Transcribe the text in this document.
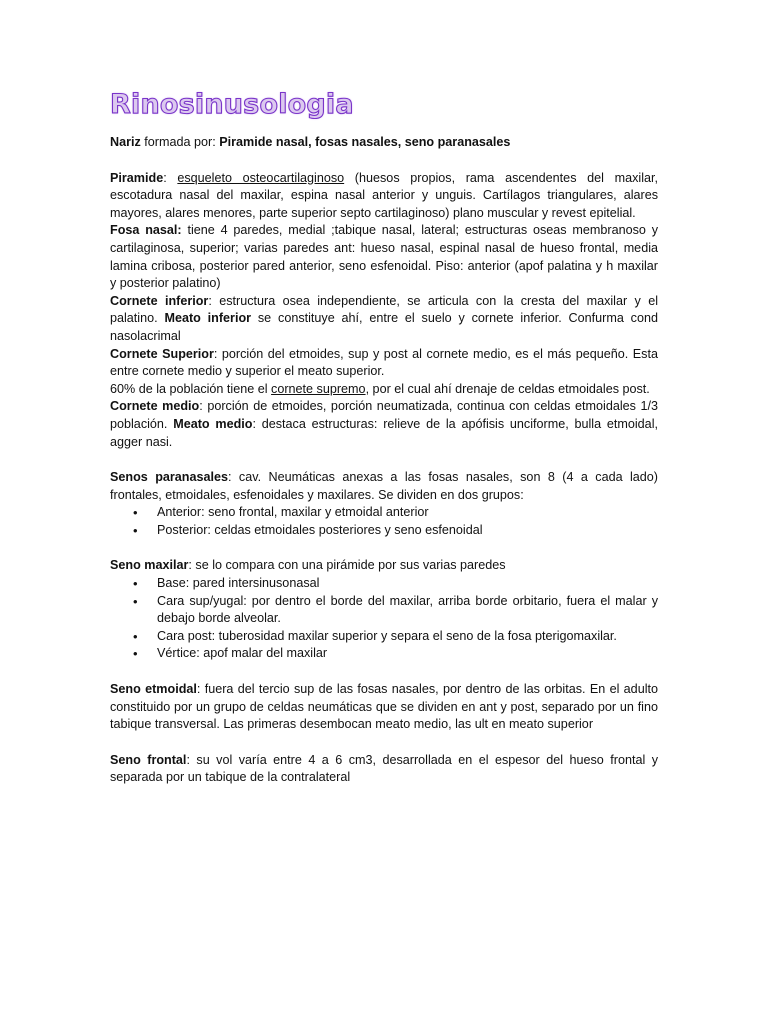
Rinosinusologia

Nariz formada por: Piramide nasal, fosas nasales, seno paranasales

Piramide: esqueleto osteocartilaginoso (huesos propios, rama ascendentes del maxilar, escotadura nasal del maxilar, espina nasal anterior y unguis. Cartílagos triangulares, alares mayores, alares menores, parte superior septo cartilaginoso) plano muscular y revest epitelial.

Fosa nasal: tiene 4 paredes, medial ;tabique nasal, lateral; estructuras oseas membranoso y cartilaginosa, superior; varias paredes ant: hueso nasal, espinal nasal de hueso frontal, media lamina cribosa, posterior pared anterior, seno esfenoidal. Piso: anterior (apof palatina y h maxilar y posterior palatino)

Cornete inferior: estructura osea independiente, se articula con la cresta del maxilar y el palatino. Meato inferior se constituye ahí, entre el suelo y cornete inferior. Confurma cond nasolacrimal

Cornete Superior: porción del etmoides, sup y post al cornete medio, es el más pequeño. Esta entre cornete medio y superior el meato superior.

60% de la población tiene el cornete supremo, por el cual ahí drenaje de celdas etmoidales post.

Cornete medio: porción de etmoides, porción neumatizada, continua con celdas etmoidales 1/3 población. Meato medio: destaca estructuras: relieve de la apófisis unciforme, bulla etmoidal, agger nasi.

Senos paranasales: cav. Neumáticas anexas a las fosas nasales, son 8 (4 a cada lado) frontales, etmoidales, esfenoidales y maxilares. Se dividen en dos grupos:

• Anterior: seno frontal, maxilar y etmoidal anterior
• Posterior: celdas etmoidales posteriores y seno esfenoidal

Seno maxilar: se lo compara con una pirámide por sus varias paredes

• Base: pared intersinusonasal
• Cara sup/yugal: por dentro el borde del maxilar, arriba borde orbitario, fuera el malar y debajo borde alveolar.
• Cara post: tuberosidad maxilar superior y separa el seno de la fosa pterigomaxilar.
• Vértice: apof malar del maxilar

Seno etmoidal: fuera del tercio sup de las fosas nasales, por dentro de las orbitas. En el adulto constituido por un grupo de celdas neumáticas que se dividen en ant y post, separado por un fino tabique transversal. Las primeras desembocan meato medio, las ult en meato superior

Seno frontal: su vol varía entre 4 a 6 cm3, desarrollada en el espesor del hueso frontal y separada por un tabique de la contralateral
